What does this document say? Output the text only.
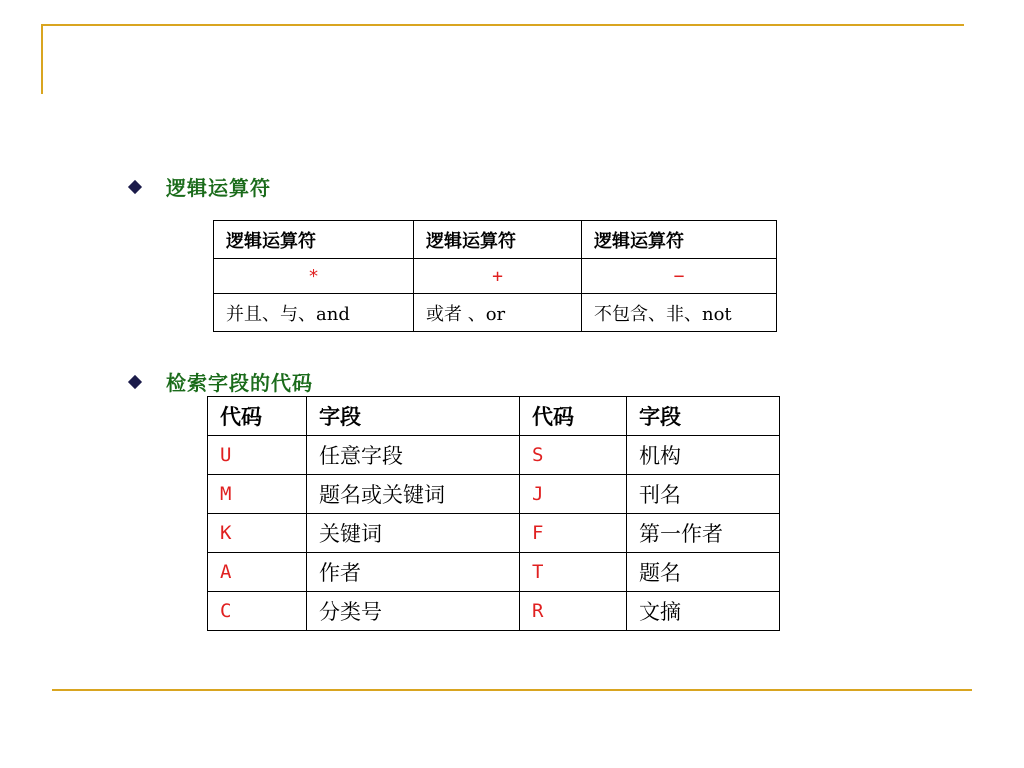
逻辑运算符
逻辑运算符	逻辑运算符	逻辑运算符
*	+	−
并且、与、and	或者 、or	不包含、非、not
检索字段的代码
代码	字段	代码	字段
U	任意字段	S	机构
M	题名或关键词	J	刊名
K	关键词	F	第一作者
A	作者	T	题名
C	分类号	R	文摘
